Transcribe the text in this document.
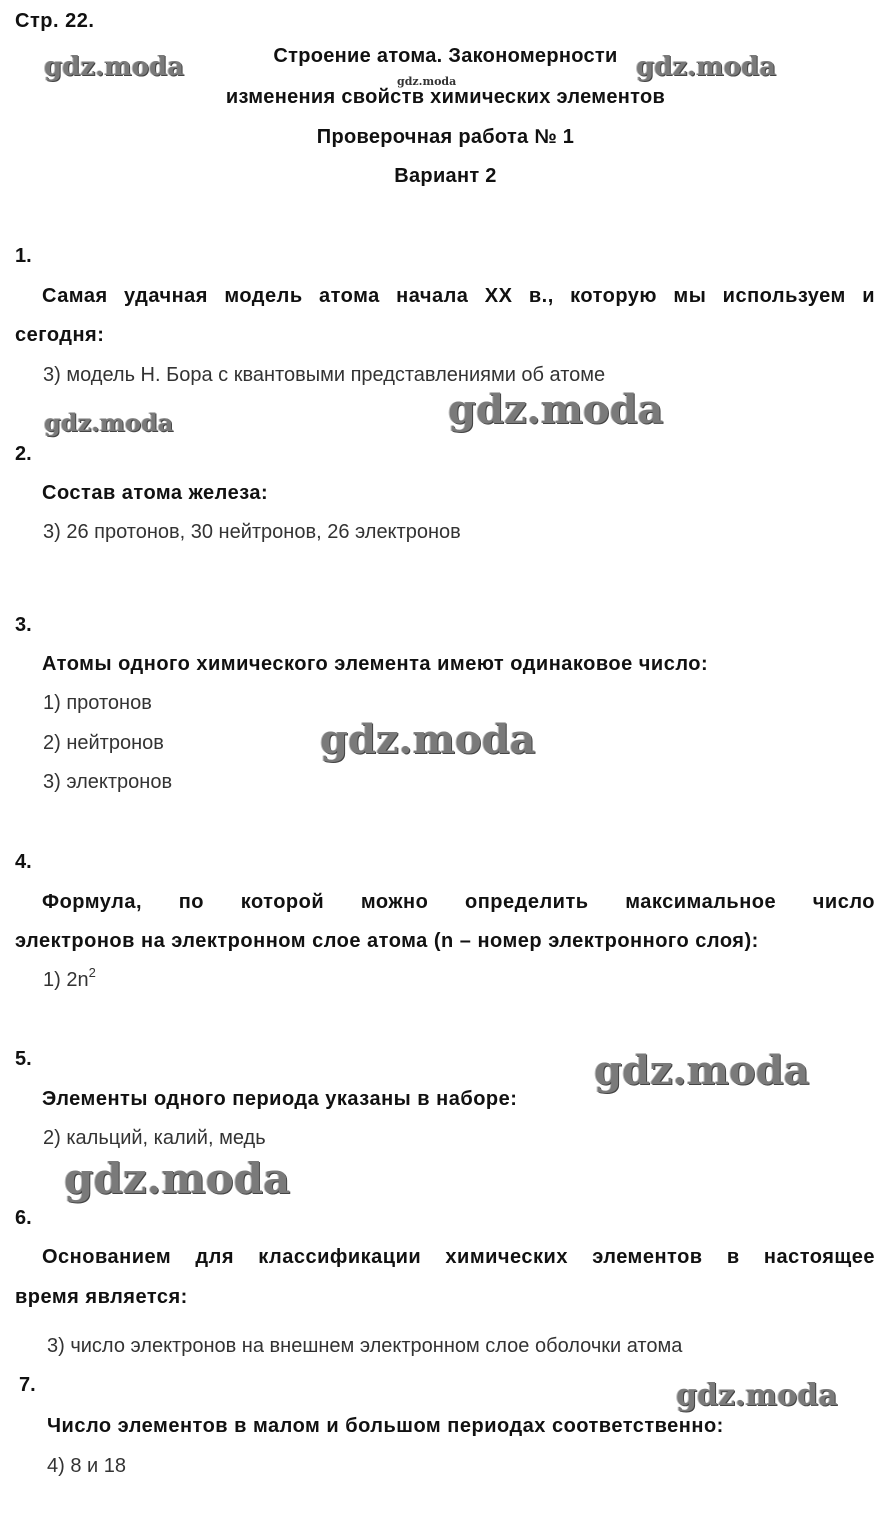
Стр. 22.
Строение атома. Закономерности
изменения свойств химических элементов
Проверочная работа № 1
Вариант 2
gdz.moda	gdz.moda	gdz.moda
gdz.moda	gdz.moda
gdz.moda
gdz.moda
gdz.moda
gdz.moda
1.
Самая удачная модель атома начала XX в., которую мы используем и
сегодня:
3) модель Н. Бора с квантовыми представлениями об атоме
2.
Состав атома железа:
3) 26 протонов, 30 нейтронов, 26 электронов
3.
Атомы одного химического элемента имеют одинаковое число:
1) протонов
2) нейтронов
3) электронов
4.
Формула, по которой можно определить максимальное число
электронов на электронном слое атома (n – номер электронного слоя):
1) $2n^2$
5.
Элементы одного периода указаны в наборе:
2) кальций, калий, медь
6.
Основанием для классификации химических элементов в настоящее
время является:
3) число электронов на внешнем электронном слое оболочки атома
7.
Число элементов в малом и большом периодах соответственно:
4) 8 и 18
